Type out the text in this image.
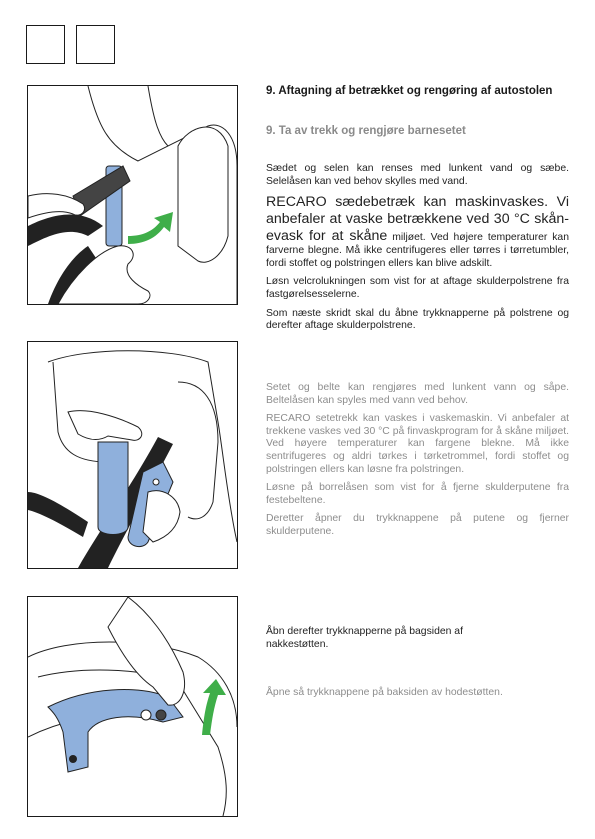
9. Aftagning af betrækket og rengøring af autostolen
9. Ta av trekk og rengjøre barnesetet

Sædet og selen kan renses med lunkent vand og sæbe. Selelåsen kan ved behov skylles med vand.

RECARO sædebetræk kan maskinvaskes. Vi anbefaler at vaske betrækkene ved 30 °C skånevask for at skåne miljøet. Ved højere temperaturer kan farverne blegne. Må ikke centrifugeres eller tørres i tørretumbler, fordi stoffet og polstringen ellers kan blive adskilt.

Løsn velcrolukningen som vist for at aftage skulderpolstrene fra fastgørelsesselerne.

Som næste skridt skal du åbne trykknapperne på polstrene og derefter aftage skulderpolstrene.

Setet og belte kan rengjøres med lunkent vann og såpe. Beltelåsen kan spyles med vann ved behov.

RECARO setetrekk kan vaskes i vaskemaskin. Vi anbefaler at trekkene vaskes ved 30 °C på finvaskprogram for å skåne miljøet. Ved høyere temperaturer kan fargene blekne. Må ikke sentrifugeres og aldri tørkes i tørketrommel, fordi stoffet og polstringen ellers kan løsne fra polstringen.

Løsne på borrelåsen som vist for å fjerne skulderputene fra festebeltene.

Deretter åpner du trykknappene på putene og fjerner skulderputene.

Åbn derefter trykknapperne på bagsiden af nakkestøtten.

Åpne så trykknappene på baksiden av hodestøtten.
